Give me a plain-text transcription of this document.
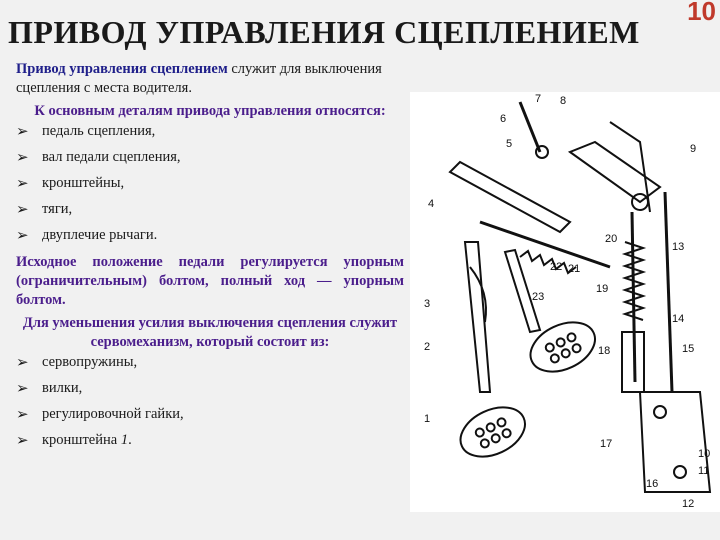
10
ПРИВОД УПРАВЛЕНИЯ СЦЕПЛЕНИЕМ

Привод управления сцеплением служит для выключения сцепления с места водителя.

К основным деталям привода управления относятся:
➢ педаль сцепления,
➢ вал педали сцепления,
➢ кронштейны,
➢ тяги,
➢ двуплечие рычаги.

Исходное положение педали регулируется упорным (ограничительным) болтом, полный ход — упорным болтом.

Для уменьшения усилия выключения сцепления служит сервомеханизм, который состоит из:
➢ сервопружины,
➢ вилки,
➢ регулировочной гайки,
➢ кронштейна 1.
6
5
4
3
2
1
22
23
21
20
19
18
17
16
15
14
13
9
7 8
10
11
12
